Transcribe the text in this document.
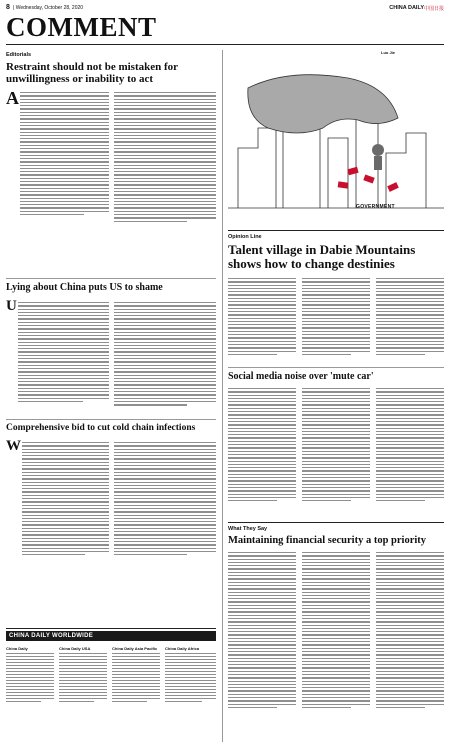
8 | Wednesday, October 28, 2020	CHINA DAILY 中国日报
COMMENT
Editorials
Restraint should not be mistaken for unwillingness or inability to act
A
Lying about China puts US to shame
U
Comprehensive bid to cut cold chain infections
W
CHINA DAILY WORLDWIDE
China Daily	China Daily USA	China Daily Asia Pacific	China Daily Africa
Luo Jie
GOVERNMENT
Opinion Line
Talent village in Dabie Mountains shows how to change destinies
Social media noise over 'mute car'
What They Say
Maintaining financial security a top priority
